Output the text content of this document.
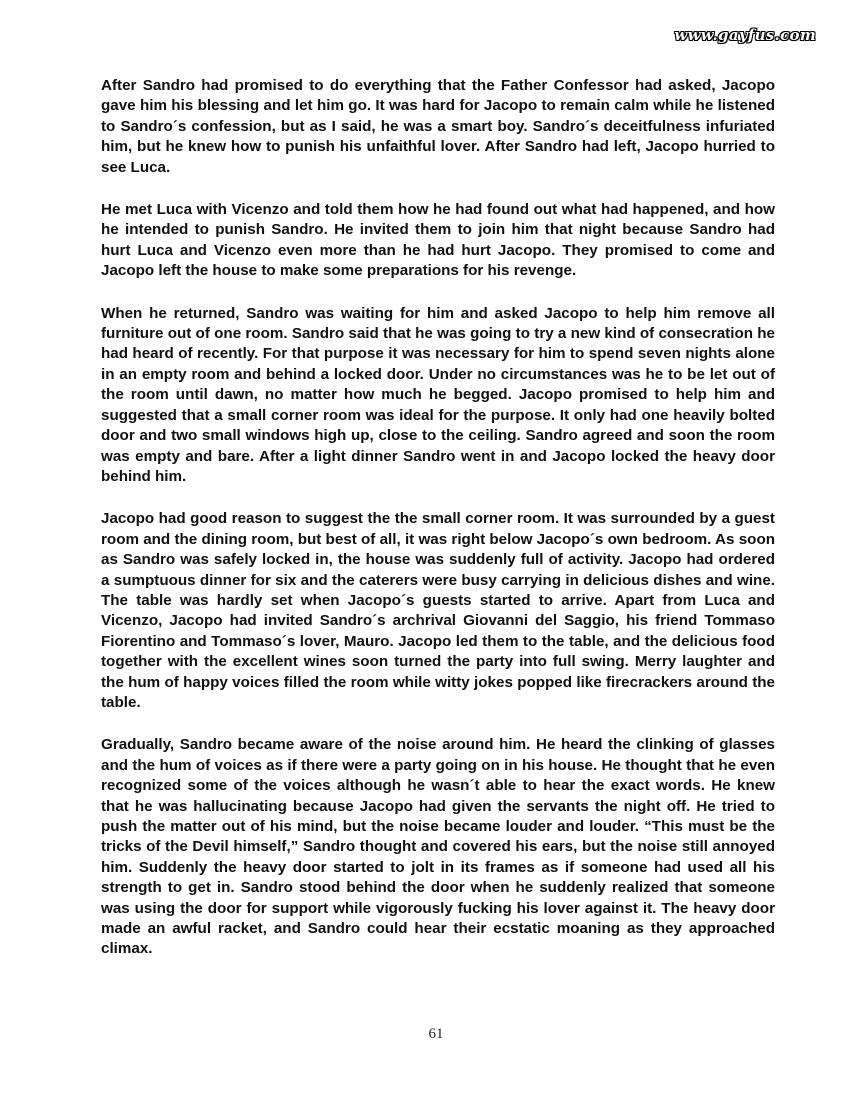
www.gayfus.com

After Sandro had promised to do everything that the Father Confessor had asked, Jacopo gave him his blessing and let him go. It was hard for Jacopo to remain calm while he listened to Sandro´s confession, but as I said, he was a smart boy. Sandro´s deceitfulness infuriated him, but he knew how to punish his unfaithful lover. After Sandro had left, Jacopo hurried to see Luca.

He met Luca with Vicenzo and told them how he had found out what had happened, and how he intended to punish Sandro. He invited them to join him that night because Sandro had hurt Luca and Vicenzo even more than he had hurt Jacopo. They promised to come and Jacopo left the house to make some preparations for his revenge.

When he returned, Sandro was waiting for him and asked Jacopo to help him remove all furniture out of one room. Sandro said that he was going to try a new kind of consecration he had heard of recently. For that purpose it was necessary for him to spend seven nights alone in an empty room and behind a locked door. Under no circumstances was he to be let out of the room until dawn, no matter how much he begged. Jacopo promised to help him and suggested that a small corner room was ideal for the purpose. It only had one heavily bolted door and two small windows high up, close to the ceiling. Sandro agreed and soon the room was empty and bare. After a light dinner Sandro went in and Jacopo locked the heavy door behind him.

Jacopo had good reason to suggest the the small corner room. It was surrounded by a guest room and the dining room, but best of all, it was right below Jacopo´s own bedroom. As soon as Sandro was safely locked in, the house was suddenly full of activity. Jacopo had ordered a sumptuous dinner for six and the caterers were busy carrying in delicious dishes and wine. The table was hardly set when Jacopo´s guests started to arrive. Apart from Luca and Vicenzo, Jacopo had invited Sandro´s archrival Giovanni del Saggio, his friend Tommaso Fiorentino and Tommaso´s lover, Mauro. Jacopo led them to the table, and the delicious food together with the excellent wines soon turned the party into full swing. Merry laughter and the hum of happy voices filled the room while witty jokes popped like firecrackers around the table.

Gradually, Sandro became aware of the noise around him. He heard the clinking of glasses and the hum of voices as if there were a party going on in his house. He thought that he even recognized some of the voices although he wasn´t able to hear the exact words. He knew that he was hallucinating because Jacopo had given the servants the night off. He tried to push the matter out of his mind, but the noise became louder and louder. “This must be the tricks of the Devil himself,” Sandro thought and covered his ears, but the noise still annoyed him. Suddenly the heavy door started to jolt in its frames as if someone had used all his strength to get in. Sandro stood behind the door when he suddenly realized that someone was using the door for support while vigorously fucking his lover against it. The heavy door made an awful racket, and Sandro could hear their ecstatic moaning as they approached climax.

61
